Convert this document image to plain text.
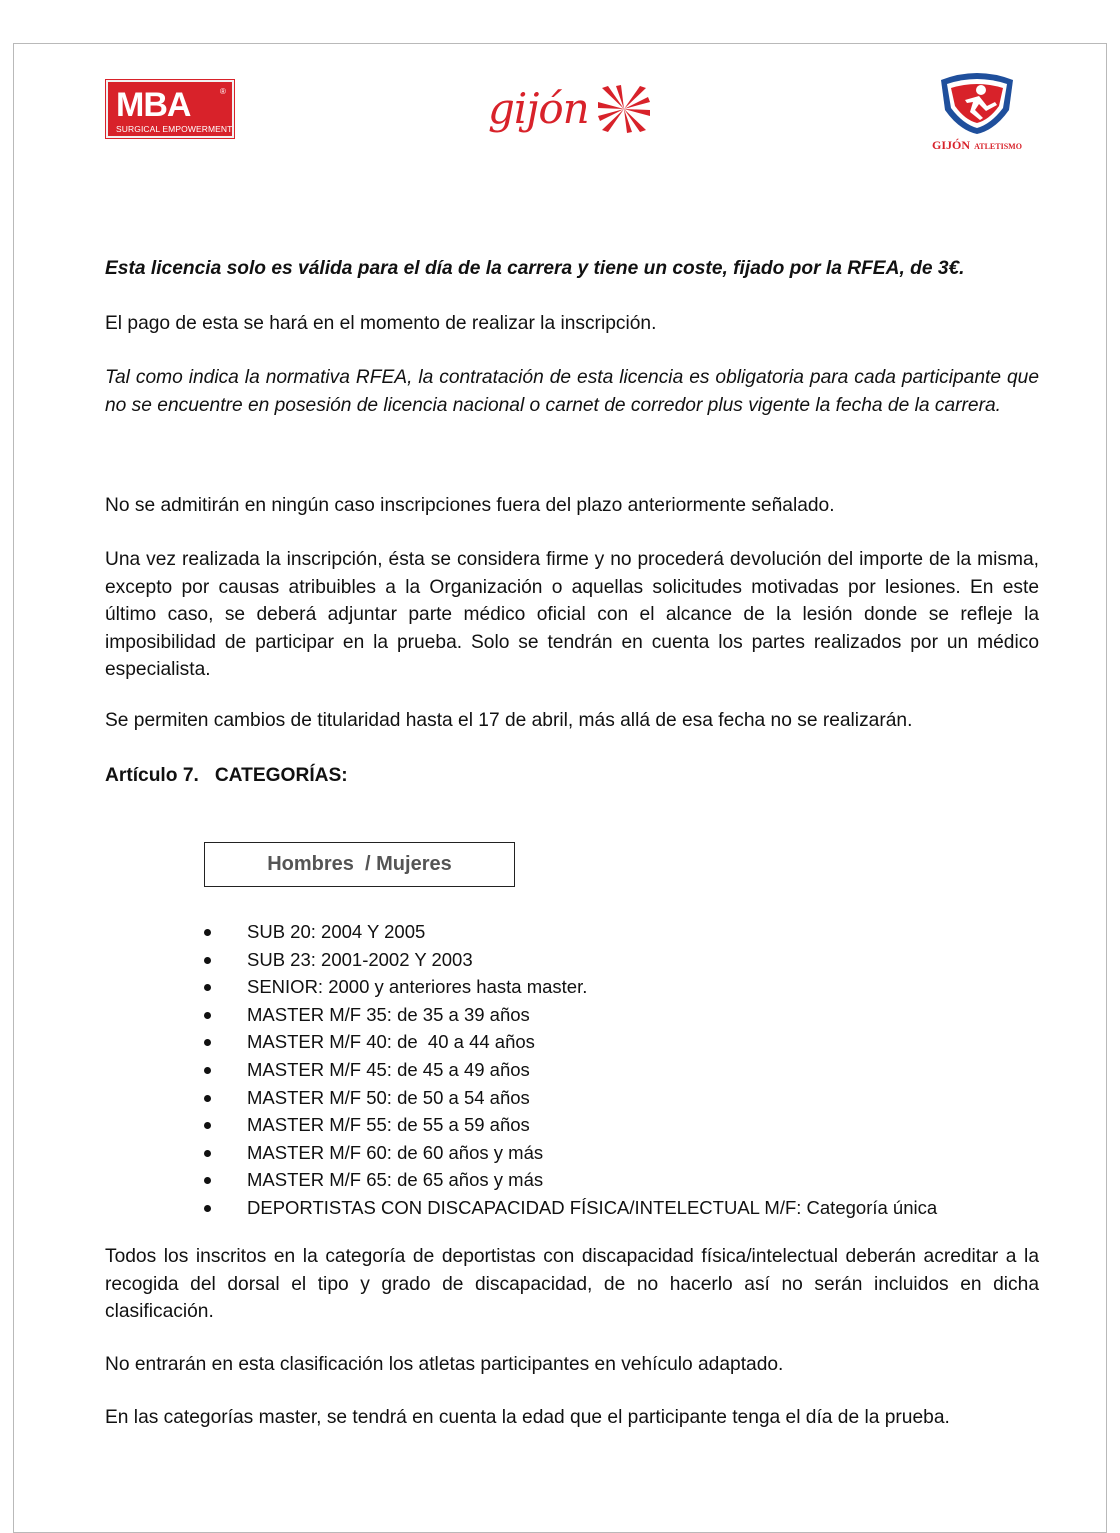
MBA	®
SURGICAL EMPOWERMENT	gijón
GIJÓN ATLETISMO

Esta licencia solo es válida para el día de la carrera y tiene un coste, fijado por la RFEA, de 3€.

El pago de esta se hará en el momento de realizar la inscripción.

Tal como indica la normativa RFEA, la contratación de esta licencia es obligatoria para cada participante que no se encuentre en posesión de licencia nacional o carnet de corredor plus vigente la fecha de la carrera.

No se admitirán en ningún caso inscripciones fuera del plazo anteriormente señalado.

Una vez realizada la inscripción, ésta se considera firme y no procederá devolución del importe de la misma, excepto por causas atribuibles a la Organización o aquellas solicitudes motivadas por lesiones. En este último caso, se deberá adjuntar parte médico oficial con el alcance de la lesión donde se refleje la imposibilidad de participar en la prueba. Solo se tendrán en cuenta los partes realizados por un médico especialista.

Se permiten cambios de titularidad hasta el 17 de abril, más allá de esa fecha no se realizarán.

Artículo 7.   CATEGORÍAS:

Hombres  / Mujeres
SUB 20: 2004 Y 2005
SUB 23: 2001-2002 Y 2003
SENIOR: 2000 y anteriores hasta master.
MASTER M/F 35: de 35 a 39 años
MASTER M/F 40: de  40 a 44 años
MASTER M/F 45: de 45 a 49 años
MASTER M/F 50: de 50 a 54 años
MASTER M/F 55: de 55 a 59 años
MASTER M/F 60: de 60 años y más
MASTER M/F 65: de 65 años y más
DEPORTISTAS CON DISCAPACIDAD FÍSICA/INTELECTUAL M/F: Categoría única

Todos los inscritos en la categoría de deportistas con discapacidad física/intelectual deberán acreditar a la recogida del dorsal el tipo y grado de discapacidad, de no hacerlo así no serán incluidos en dicha clasificación.

No entrarán en esta clasificación los atletas participantes en vehículo adaptado.

En las categorías master, se tendrá en cuenta la edad que el participante tenga el día de la prueba.
